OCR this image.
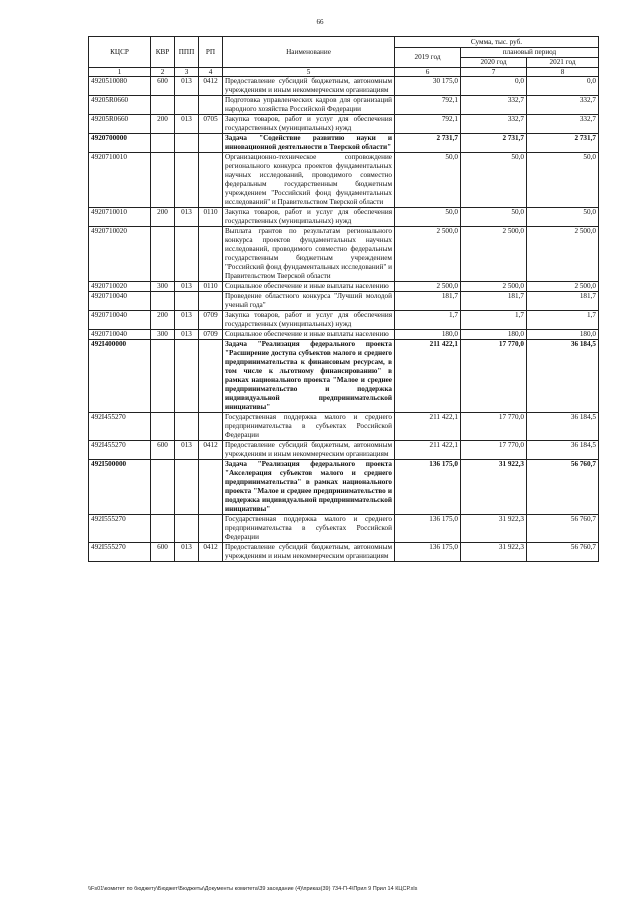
66
КЦСР	КВР	ППП	РП	Наименование	Сумма, тыс. руб.		
					2019 год	плановый период	
						2020 год	2021 год
1	2	3	4	5	6	7	8
4920510080	600	013	0412	Предоставление субсидий бюджетным, автономным учреждениям и иным некоммерческим организациям	30 175,0	0,0	0,0
49205R0660				Подготовка управленческих кадров для организаций народного хозяйства Российской Федерации	792,1	332,7	332,7
49205R0660	200	013	0705	Закупка товаров, работ и услуг для обеспечения государственных (муниципальных) нужд	792,1	332,7	332,7
4920700000				Задача "Содействие развитию науки и инновационной деятельности в Тверской области"	2 731,7	2 731,7	2 731,7
4920710010				Организационно-техническое сопровождение регионального конкурса проектов фундаментальных научных исследований, проводимого совместно федеральным государственным бюджетным учреждением "Российский фонд фундаментальных исследований" и Правительством Тверской области	50,0	50,0	50,0
4920710010	200	013	0110	Закупка товаров, работ и услуг для обеспечения государственных (муниципальных) нужд	50,0	50,0	50,0
4920710020				Выплата грантов по результатам регионального конкурса проектов фундаментальных научных исследований, проводимого совместно федеральным государственным бюджетным учреждением "Российский фонд фундаментальных исследований" и Правительством Тверской области	2 500,0	2 500,0	2 500,0
4920710020	300	013	0110	Социальное обеспечение и иные выплаты населению	2 500,0	2 500,0	2 500,0
4920710040				Проведение областного конкурса "Лучший молодой ученый года"	181,7	181,7	181,7
4920710040	200	013	0709	Закупка товаров, работ и услуг для обеспечения государственных (муниципальных) нужд	1,7	1,7	1,7
4920710040	300	013	0709	Социальное обеспечение и иные выплаты населению	180,0	180,0	180,0
492I400000				Задача "Реализация федерального проекта "Расширение доступа субъектов малого и среднего предпринимательства к финансовым ресурсам, в том числе к льготному финансированию" в рамках национального проекта "Малое и среднее предпринимательство и поддержка индивидуальной предпринимательской инициативы"	211 422,1	17 770,0	36 184,5
492I455270				Государственная поддержка малого и среднего предпринимательства в субъектах Российской Федерации	211 422,1	17 770,0	36 184,5
492I455270	600	013	0412	Предоставление субсидий бюджетным, автономным учреждениям и иным некоммерческим организациям	211 422,1	17 770,0	36 184,5
492I500000				Задача "Реализация федерального проекта "Акселерация субъектов малого и среднего предпринимательства" в рамках национального проекта "Малое и среднее предпринимательство и поддержка индивидуальной предпринимательской инициативы"	136 175,0	31 922,3	56 760,7
492I555270				Государственная поддержка малого и среднего предпринимательства в субъектах Российской Федерации	136 175,0	31 922,3	56 760,7
492I555270	600	013	0412	Предоставление субсидий бюджетным, автономным учреждениям и иным некоммерческим организациям	136 175,0	31 922,3	56 760,7
\\Fs01\комитет по бюджету\Бюджет\Бюджеты\Документы комитета\39 заседание (4)\приказ(39) 734-П-4\Прил 9 Прил 14 КЦСР.xls
